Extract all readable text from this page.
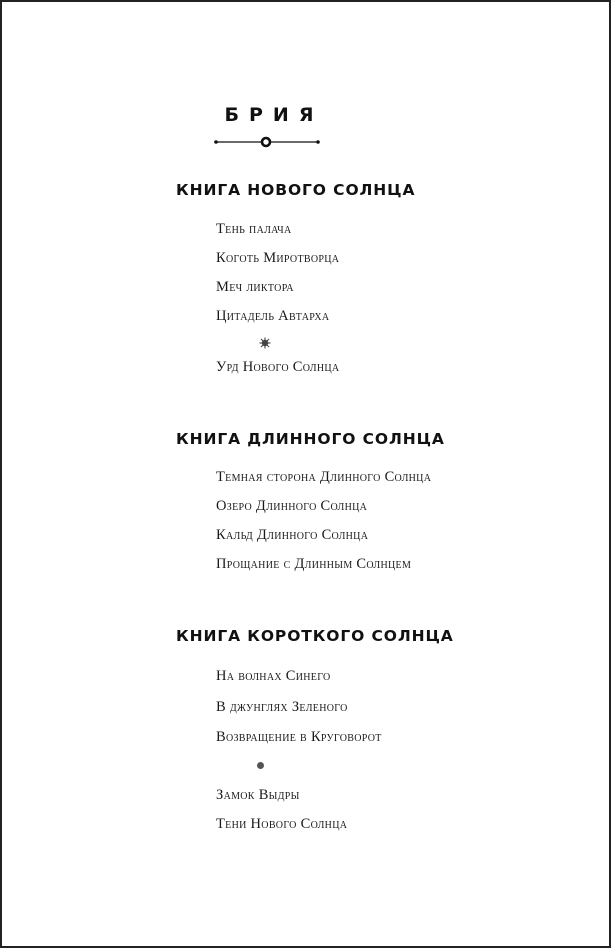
БРИЯ
КНИГА НОВОГО СОЛНЦА
Тень палача
Коготь Миротворца
Меч ликтора
Цитадель Автарха
Урд Нового Солнца
КНИГА ДЛИННОГО СОЛНЦА
Темная сторона Длинного Солнца
Озеро Длинного Солнца
Кальд Длинного Солнца
Прощание с Длинным Солнцем
КНИГА КОРОТКОГО СОЛНЦА
На волнах Синего
В джунглях Зеленого
Возвращение в Круговорот
Замок Выдры
Тени Нового Солнца
